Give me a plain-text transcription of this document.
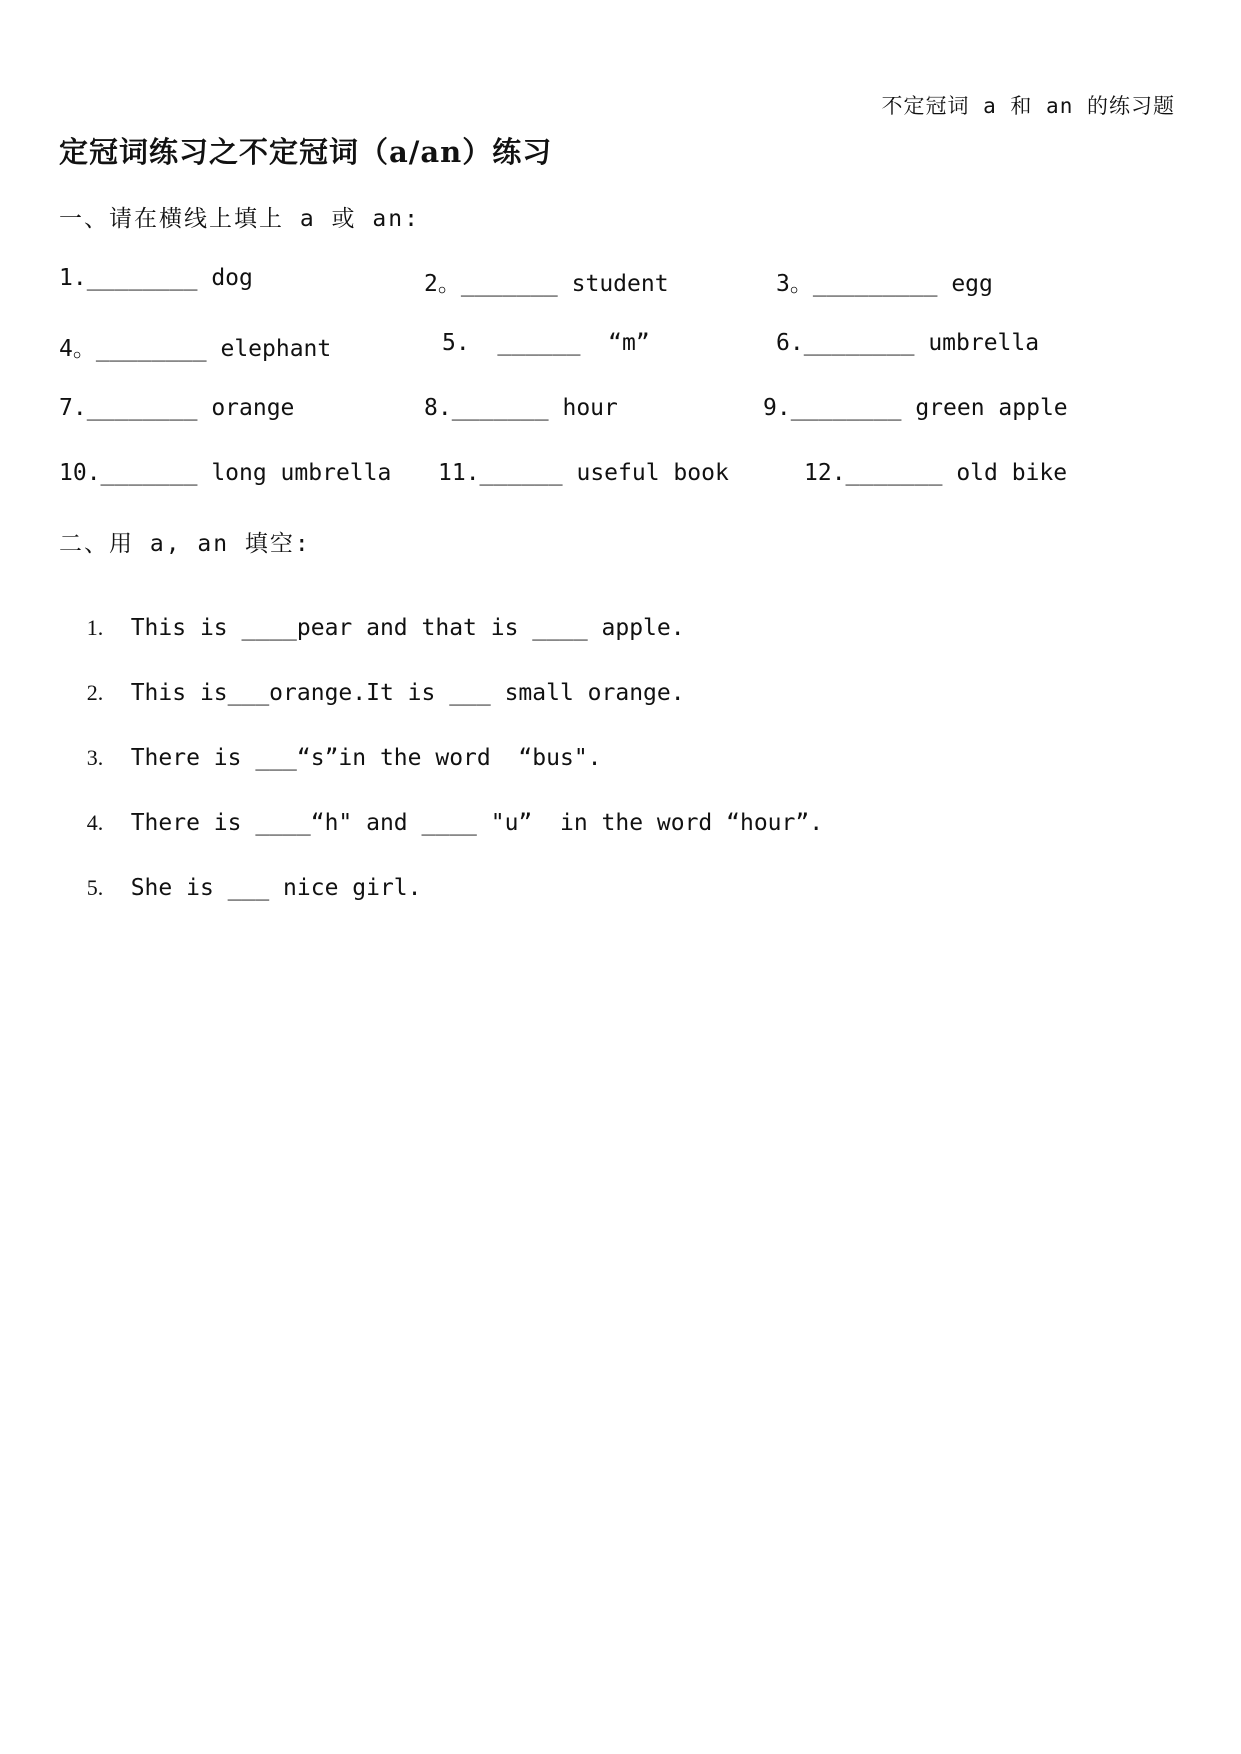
不定冠词 a 和 an 的练习题
定冠词练习之不定冠词（a/an）练习
一、请在横线上填上 a 或 an:
1.________ dog	2。_______ student	3。_________ egg
4。________ elephant	5.  ______  “m”	6.________ umbrella
7.________ orange	8._______ hour	9.________ green apple
10._______ long umbrella 11.______ useful book	12._______ old bike
二、用 a, an 填空:

1. This is ____pear and that is ____ apple.

2. This is___orange.It is ___ small orange.

3. There is ___“s”in the word  “bus".

4. There is ____“h" and ____ "u”  in the word “hour”.

5. She is ___ nice girl.
